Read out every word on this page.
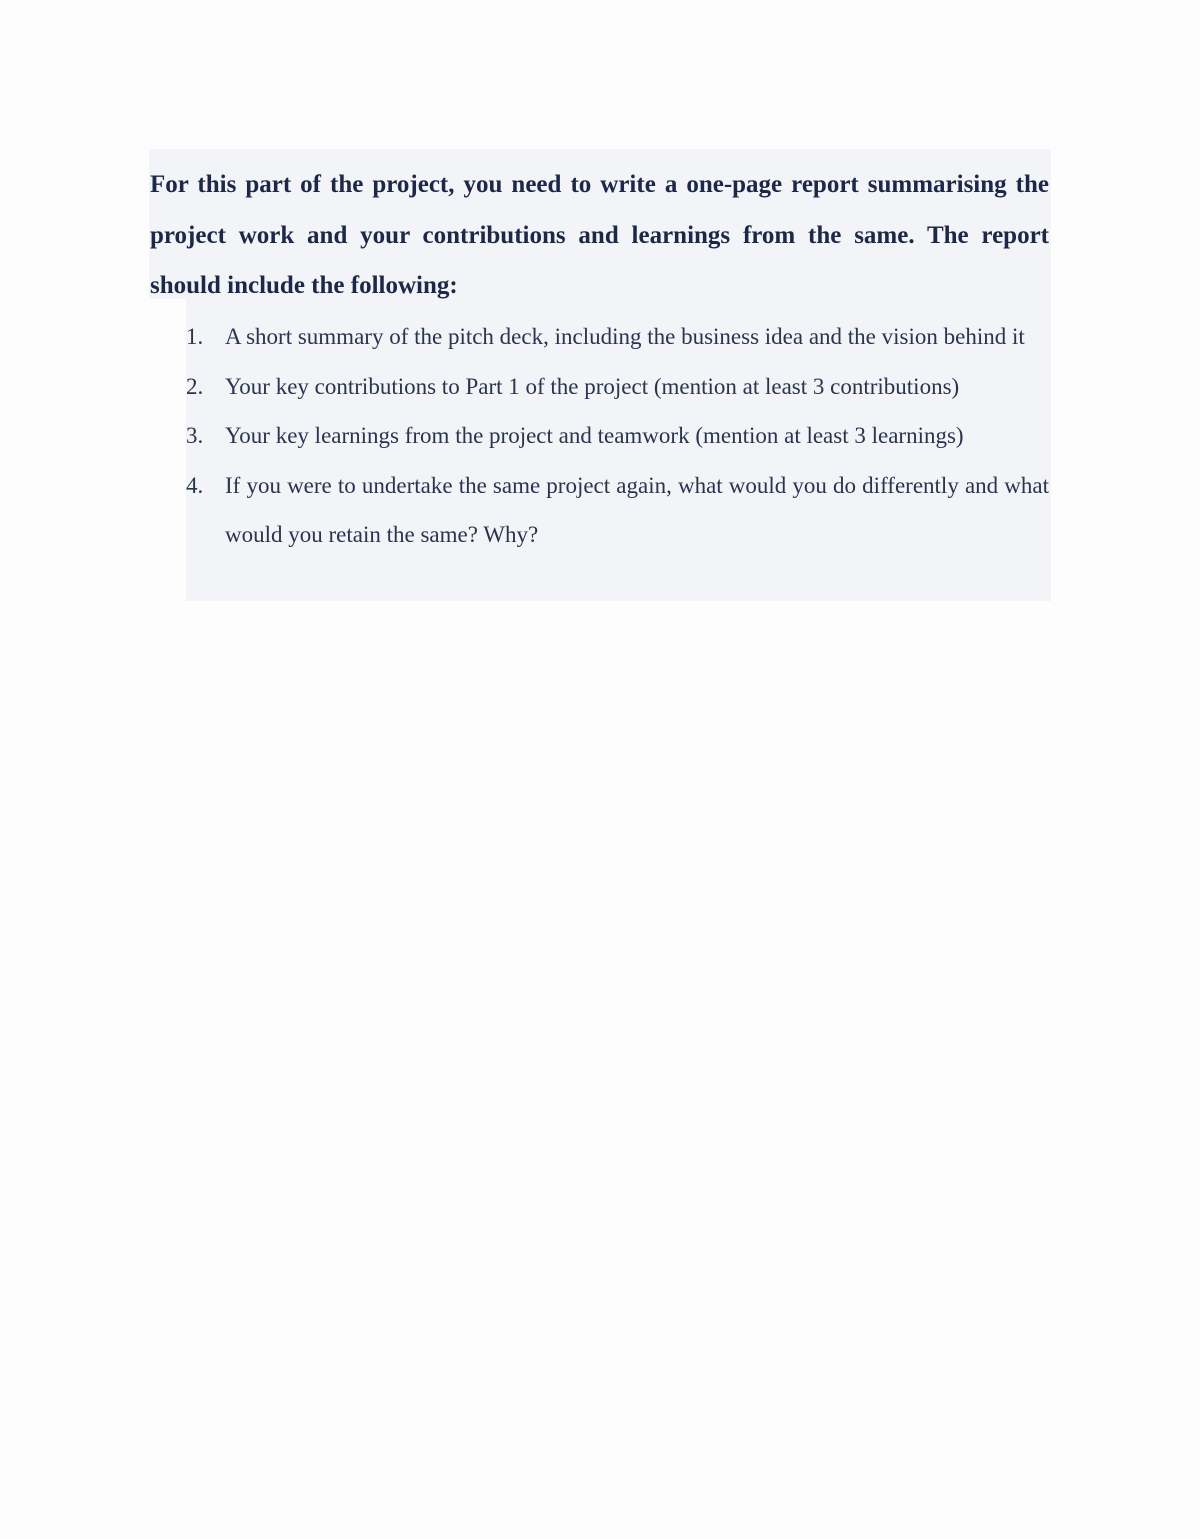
For this part of the project, you need to write a one-page report summarising the project work and your contributions and learnings from the same. The report should include the following:

1. A short summary of the pitch deck, including the business idea and the vision behind it
2. Your key contributions to Part 1 of the project (mention at least 3 contributions)
3. Your key learnings from the project and teamwork (mention at least 3 learnings)
4. If you were to undertake the same project again, what would you do differently and what would you retain the same? Why?
